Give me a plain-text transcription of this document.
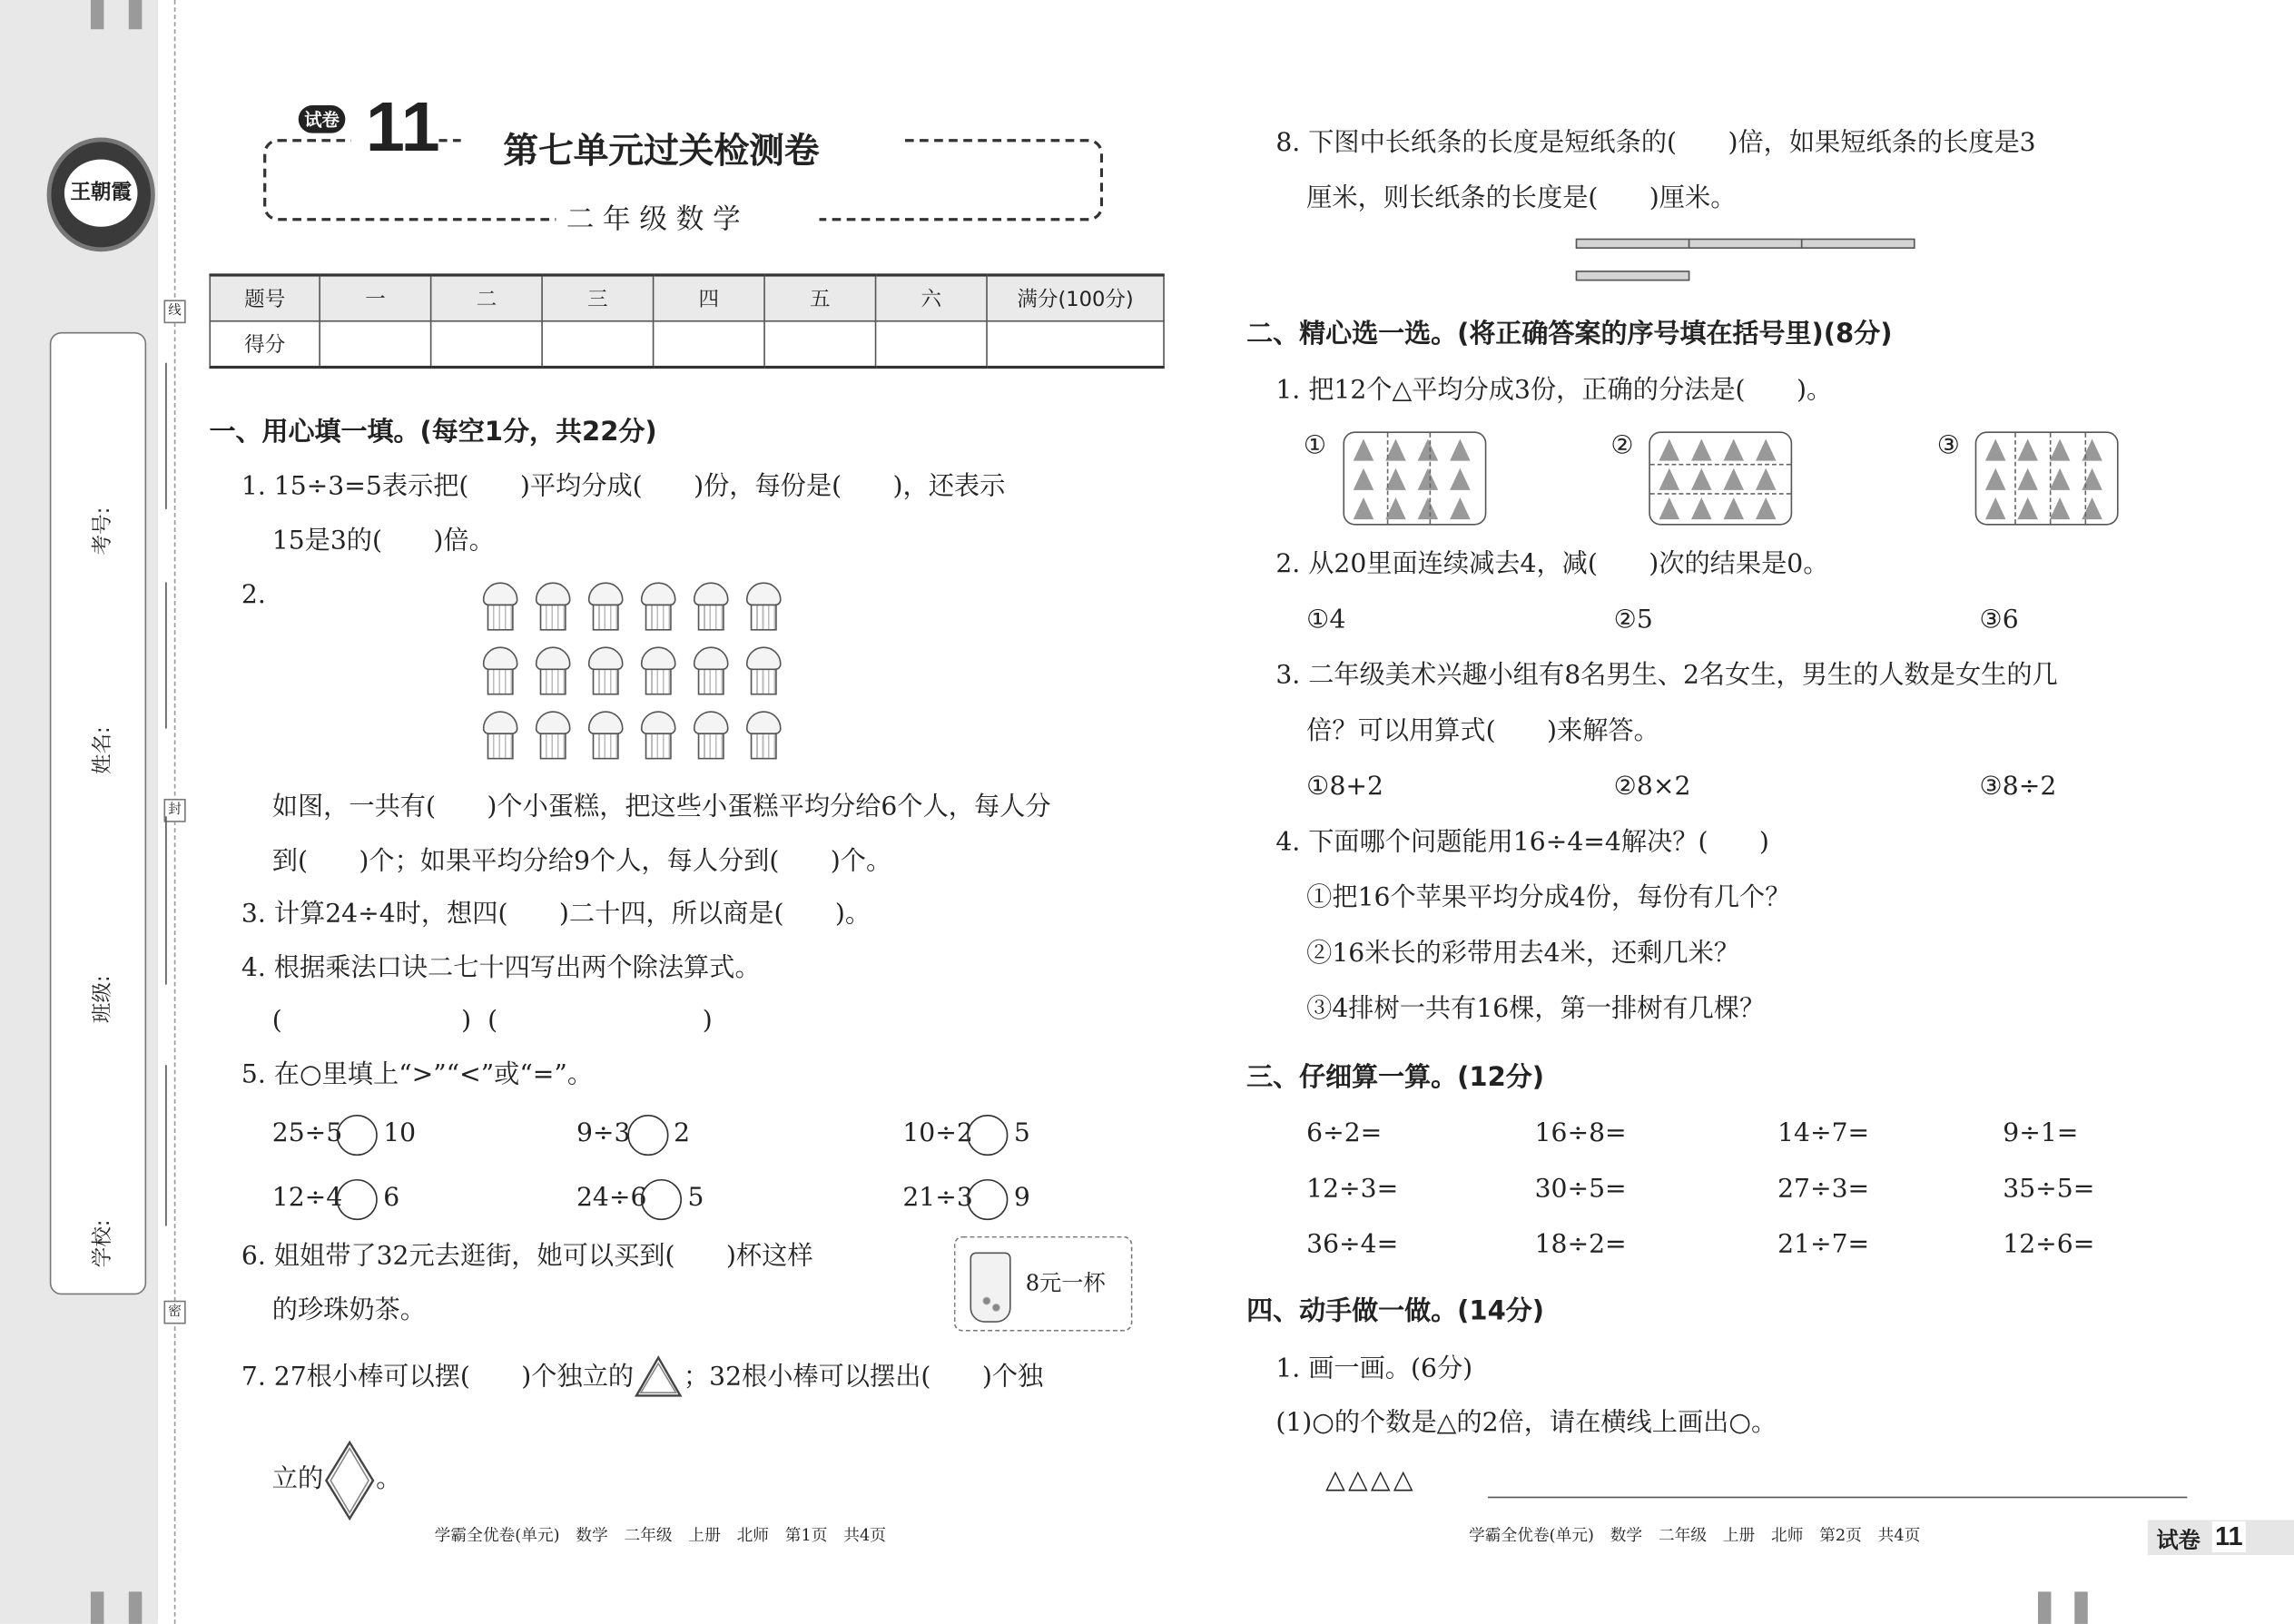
线
封
密
王朝霞
考号:
姓名:
班级:
学校:
试卷 11	第七单元过关检测卷
二 年 级 数 学
题号	一	二	三	四	五	六	满分(100分)
得分							
一、用心填一填。(每空1分，共22分)
1. 15÷3=5表示把(　　)平均分成(　　)份，每份是(　　)，还表示
15是3的(　　)倍。
2.
如图，一共有(　　)个小蛋糕，把这些小蛋糕平均分给6个人，每人分
到(　　)个；如果平均分给9个人，每人分到(　　)个。
3. 计算24÷4时，想四(　　)二十四，所以商是(　　)。
4. 根据乘法口诀二七十四写出两个除法算式。
(　　　　　　　)  (　　　　　　　　)
5. 在○里填上“>”“<”或“=”。
25÷5	10	9÷3	2	10÷2	5
12÷4	6	24÷6	5	21÷3	9
6. 姐姐带了32元去逛街，她可以买到(　　)杯这样
的珍珠奶茶。
8元一杯
7. 27根小棒可以摆(　　)个独立的	；32根小棒可以摆出(　　)个独
立的	。
8. 下图中长纸条的长度是短纸条的(　　)倍，如果短纸条的长度是3
厘米，则长纸条的长度是(　　)厘米。
二、精心选一选。(将正确答案的序号填在括号里)(8分)
1. 把12个△平均分成3份，正确的分法是(　　)。
①	②	③
2. 从20里面连续减去4，减(　　)次的结果是0。
①4	②5	③6
3. 二年级美术兴趣小组有8名男生、2名女生，男生的人数是女生的几
倍？可以用算式(　　)来解答。
①8+2	②8×2	③8÷2
4. 下面哪个问题能用16÷4=4解决？(　　)
①把16个苹果平均分成4份，每份有几个？
②16米长的彩带用去4米，还剩几米？
③4排树一共有16棵，第一排树有几棵？
三、仔细算一算。(12分)
6÷2=	16÷8=	14÷7=	9÷1=
12÷3=	30÷5=	27÷3=	35÷5=
36÷4=	18÷2=	21÷7=	12÷6=
四、动手做一做。(14分)
1. 画一画。(6分)
(1)○的个数是△的2倍，请在横线上画出○。
△△△△
学霸全优卷(单元)　数学　二年级　上册　北师　第1页　共4页	学霸全优卷(单元)　数学　二年级　上册　北师　第2页　共4页	试卷 11
